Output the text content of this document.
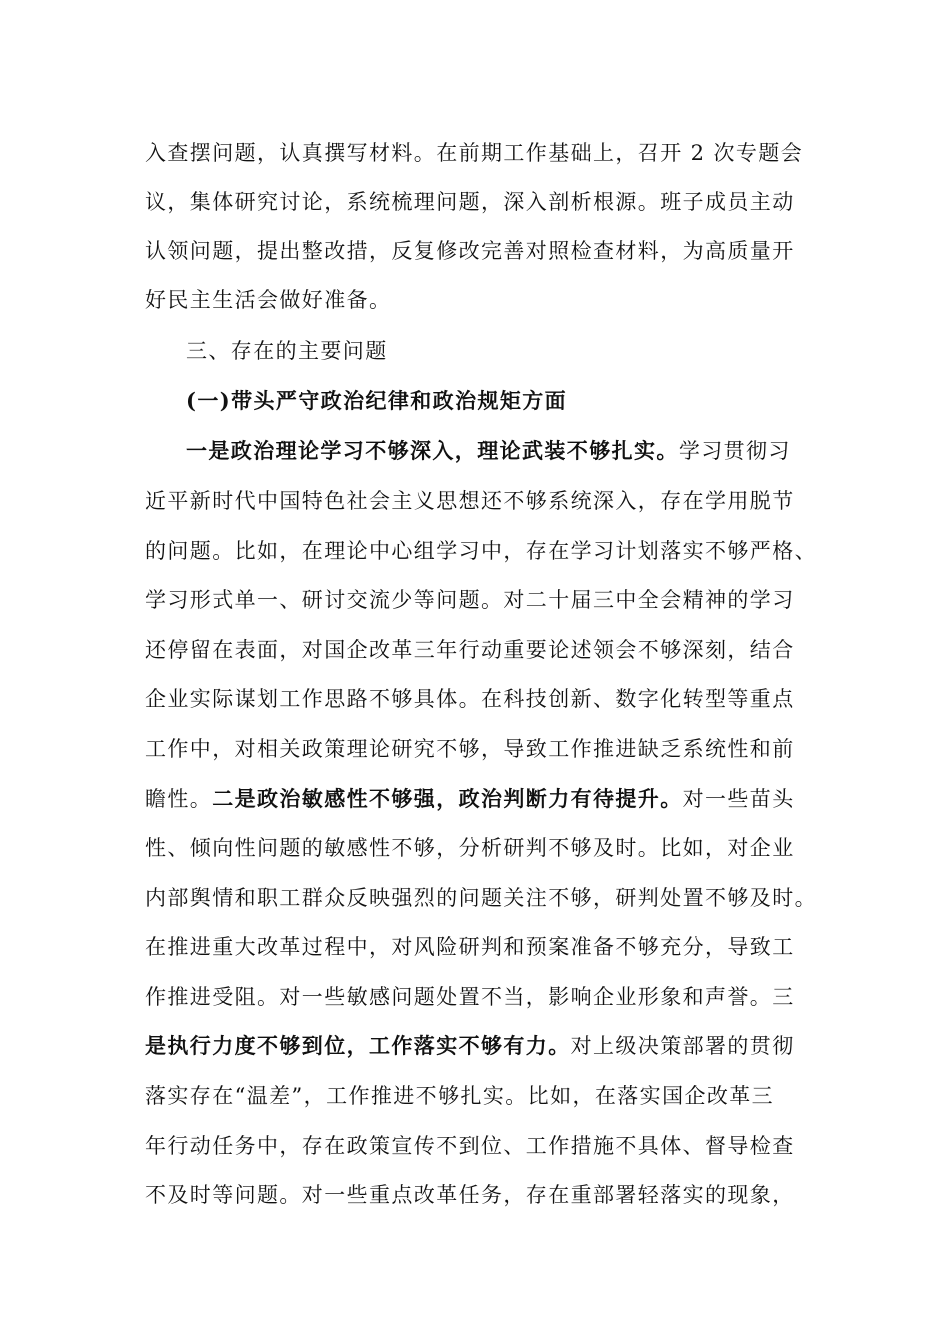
入查摆问题，认真撰写材料。在前期工作基础上，召开 2 次专题会
议，集体研究讨论，系统梳理问题，深入剖析根源。班子成员主动
认领问题，提出整改措，反复修改完善对照检查材料，为高质量开
好民主生活会做好准备。
三、存在的主要问题
(一)带头严守政治纪律和政治规矩方面
一是政治理论学习不够深入，理论武装不够扎实。学习贯彻习
近平新时代中国特色社会主义思想还不够系统深入，存在学用脱节
的问题。比如，在理论中心组学习中，存在学习计划落实不够严格、
学习形式单一、研讨交流少等问题。对二十届三中全会精神的学习
还停留在表面，对国企改革三年行动重要论述领会不够深刻，结合
企业实际谋划工作思路不够具体。在科技创新、数字化转型等重点
工作中，对相关政策理论研究不够，导致工作推进缺乏系统性和前
瞻性。二是政治敏感性不够强，政治判断力有待提升。对一些苗头
性、倾向性问题的敏感性不够，分析研判不够及时。比如，对企业
内部舆情和职工群众反映强烈的问题关注不够，研判处置不够及时。
在推进重大改革过程中，对风险研判和预案准备不够充分，导致工
作推进受阻。对一些敏感问题处置不当，影响企业形象和声誉。三
是执行力度不够到位，工作落实不够有力。对上级决策部署的贯彻
落实存在“温差”，工作推进不够扎实。比如，在落实国企改革三
年行动任务中，存在政策宣传不到位、工作措施不具体、督导检查
不及时等问题。对一些重点改革任务，存在重部署轻落实的现象，
